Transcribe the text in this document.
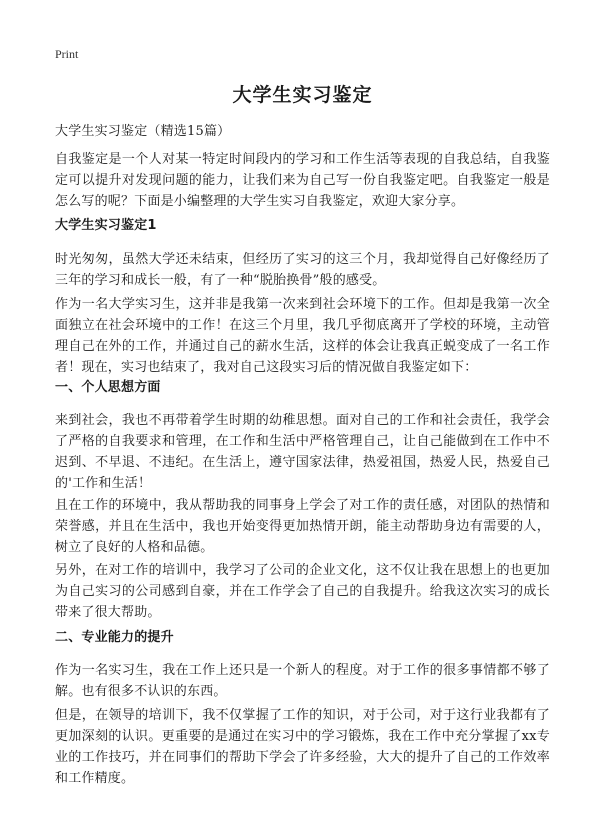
Print
大学生实习鉴定
大学生实习鉴定（精选15篇）
自我鉴定是一个人对某一特定时间段内的学习和工作生活等表现的自我总结，自我鉴定可以提升对发现问题的能力，让我们来为自己写一份自我鉴定吧。自我鉴定一般是怎么写的呢？下面是小编整理的大学生实习自我鉴定，欢迎大家分享。
大学生实习鉴定1
时光匆匆，虽然大学还未结束，但经历了实习的这三个月，我却觉得自己好像经历了三年的学习和成长一般，有了一种“脱胎换骨”般的感受。
作为一名大学实习生，这并非是我第一次来到社会环境下的工作。但却是我第一次全面独立在社会环境中的工作！在这三个月里，我几乎彻底离开了学校的环境，主动管理自己在外的工作，并通过自己的薪水生活，这样的体会让我真正蜕变成了一名工作者！现在，实习也结束了，我对自己这段实习后的情况做自我鉴定如下：
一、个人思想方面
来到社会，我也不再带着学生时期的幼稚思想。面对自己的工作和社会责任，我学会了严格的自我要求和管理，在工作和生活中严格管理自己，让自己能做到在工作中不迟到、不早退、不违纪。在生活上，遵守国家法律，热爱祖国，热爱人民，热爱自己的'工作和生活！
且在工作的环境中，我从帮助我的同事身上学会了对工作的责任感，对团队的热情和荣誉感，并且在生活中，我也开始变得更加热情开朗，能主动帮助身边有需要的人，树立了良好的人格和品德。
另外，在对工作的培训中，我学习了公司的企业文化，这不仅让我在思想上的也更加为自己实习的公司感到自豪，并在工作学会了自己的自我提升。给我这次实习的成长带来了很大帮助。
二、专业能力的提升
作为一名实习生，我在工作上还只是一个新人的程度。对于工作的很多事情都不够了解。也有很多不认识的东西。
但是，在领导的培训下，我不仅掌握了工作的知识，对于公司，对于这行业我都有了更加深刻的认识。更重要的是通过在实习中的学习锻炼，我在工作中充分掌握了xx专业的工作技巧，并在同事们的帮助下学会了许多经验，大大的提升了自己的工作效率和工作精度。
